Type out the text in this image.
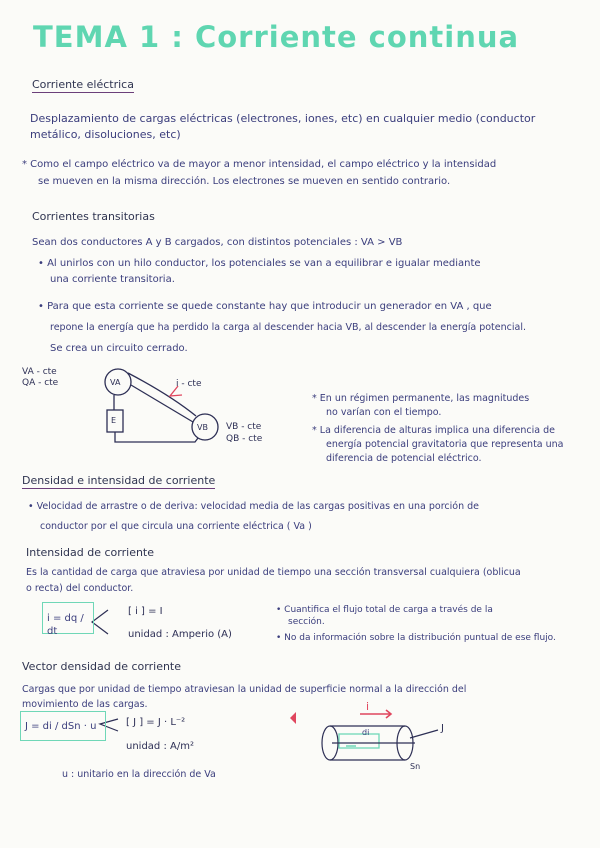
TEMA 1 : Corriente continua
Corriente eléctrica
Desplazamiento de cargas eléctricas (electrones, iones, etc) en cualquier medio (conductor
metálico, disoluciones, etc)
* Como el campo eléctrico va de mayor a menor intensidad, el campo eléctrico y la intensidad
se mueven en la misma dirección. Los electrones se mueven en sentido contrario.
Corrientes transitorias
Sean dos conductores A y B cargados, con distintos potenciales : VA > VB
• Al unirlos con un hilo conductor, los potenciales se van a equilibrar e igualar mediante
una corriente transitoria.
• Para que esta corriente se quede constante hay que introducir un generador en VA , que
repone la energía que ha perdido la carga al descender hacia VB, al descender la energía potencial.
Se crea un circuito cerrado.
VA - cte
QA - cte	VA
VB
i - cte
E
VB - cte
QB - cte
* En un régimen permanente, las magnitudes
no varían con el tiempo.
* La diferencia de alturas implica una diferencia de
energía potencial gravitatoria que representa una
diferencia de potencial eléctrico.
Densidad e intensidad de corriente
• Velocidad de arrastre o de deriva: velocidad media de las cargas positivas en una porción de
conductor por el que circula una corriente eléctrica ( Va )
Intensidad de corriente
Es la cantidad de carga que atraviesa por unidad de tiempo una sección transversal cualquiera (oblicua
o recta) del conductor.
i = dq / dt
[ i ] = I
unidad : Amperio (A)
• Cuantifica el flujo total de carga a través de la
sección.
• No da información sobre la distribución puntual de ese flujo.
Vector densidad de corriente
Cargas que por unidad de tiempo atraviesan la unidad de superficie normal a la dirección del
movimiento de las cargas.
J = di / dSn · u	[ J ] = J · L⁻²
unidad : A/m²
u : unitario en la dirección de Va
i
di	J
Sn
